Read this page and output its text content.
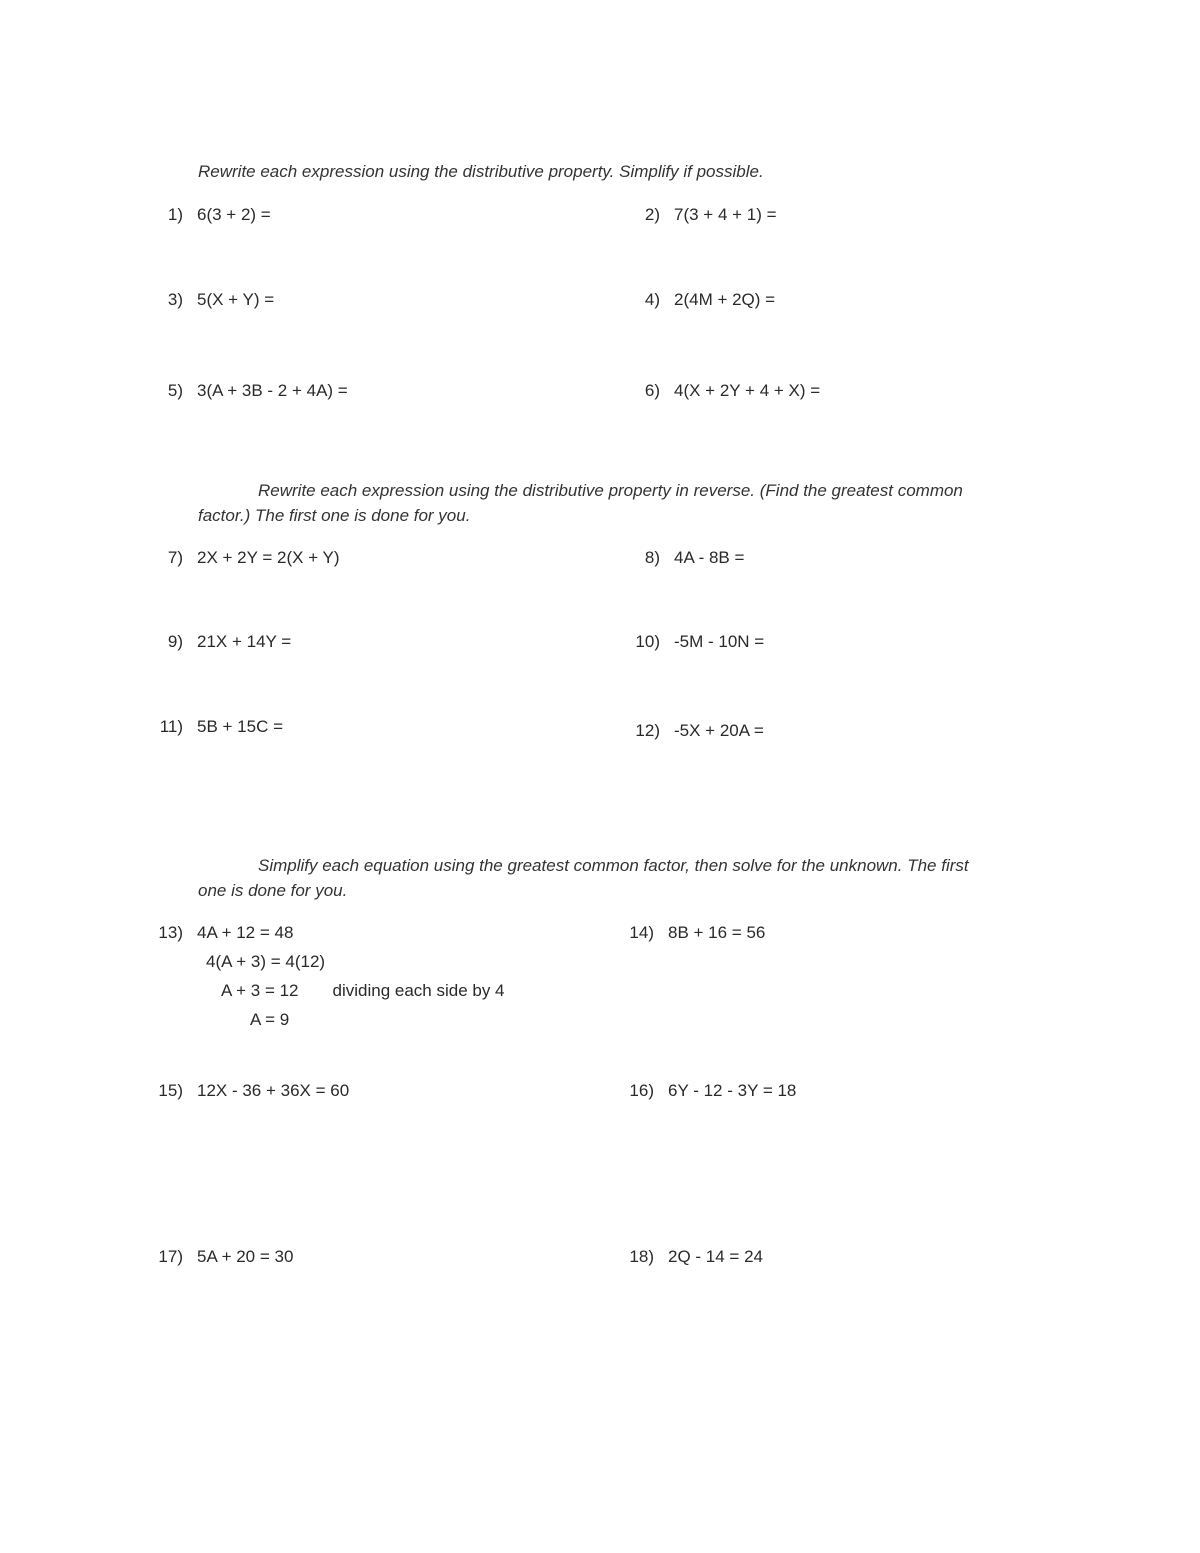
Rewrite each expression using the distributive property. Simplify if possible.

1) 6(3 + 2) =	2) 7(3 + 4 + 1) =
3) 5(X + Y) =	4) 2(4M + 2Q) =
5) 3(A + 3B - 2 + 4A) =	6) 4(X + 2Y + 4 + X) =

Rewrite each expression using the distributive property in reverse. (Find the greatest common

factor.) The first one is done for you.

7) 2X + 2Y = 2(X + Y)	8) 4A - 8B =
9) 21X + 14Y =	10) -5M - 10N =
11) 5B + 15C =	12) -5X + 20A =

Simplify each equation using the greatest common factor, then solve for the unknown. The first

one is done for you.

13) 4A + 12 = 48	14) 8B + 16 = 56
4(A + 3) = 4(12)
A + 3 = 12 dividing each side by 4
A = 9
15) 12X - 36 + 36X = 60	16) 6Y - 12 - 3Y = 18
17) 5A + 20 = 30	18) 2Q - 14 = 24
